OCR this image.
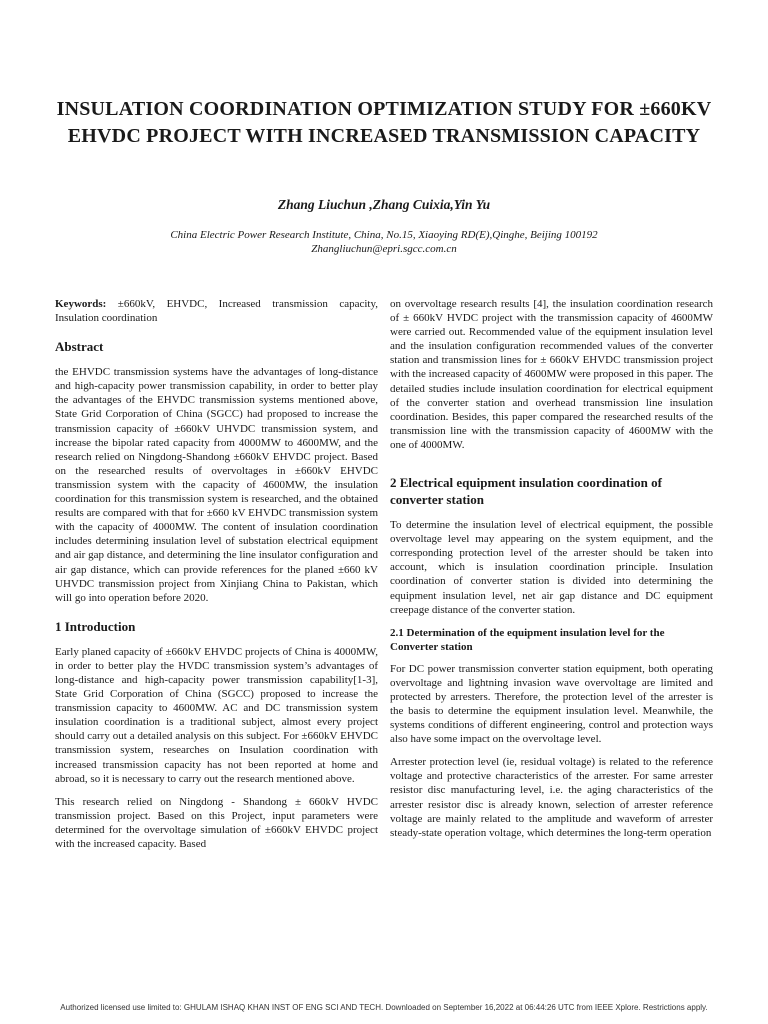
INSULATION COORDINATION OPTIMIZATION STUDY FOR ±660KV EHVDC PROJECT WITH INCREASED TRANSMISSION CAPACITY
Zhang Liuchun ,Zhang Cuixia,Yin Yu
China Electric Power Research Institute, China, No.15, Xiaoying RD(E),Qinghe, Beijing 100192
Zhangliuchun@epri.sgcc.com.cn

Keywords: ±660kV, EHVDC, Increased transmission capacity, Insulation coordination

Abstract

the EHVDC transmission systems have the advantages of long-distance and high-capacity power transmission capability, in order to better play the advantages of the EHVDC transmission systems mentioned above, State Grid Corporation of China (SGCC) had proposed to increase the transmission capacity of ±660kV UHVDC transmission system, and increase the bipolar rated capacity from 4000MW to 4600MW, and the research relied on Ningdong-Shandong ±660kV EHVDC project. Based on the researched results of overvoltages in ±660kV EHVDC transmission system with the capacity of 4600MW, the insulation coordination for this transmission system is researched, and the obtained results are compared with that for ±660 kV EHVDC transmission system with the capacity of 4000MW. The content of insulation coordination includes determining insulation level of substation electrical equipment and air gap distance, and determining the line insulator configuration and air gap distance, which can provide references for the planed ±660 kV UHVDC transmission project from Xinjiang China to Pakistan, which will go into operation before 2020.

1 Introduction

Early planed capacity of ±660kV EHVDC projects of China is 4000MW, in order to better play the HVDC transmission system’s advantages of long-distance and high-capacity power transmission capability[1-3], State Grid Corporation of China (SGCC) proposed to increase the transmission capacity to 4600MW. AC and DC transmission system insulation coordination is a traditional subject, almost every project should carry out a detailed analysis on this subject. For ±660kV EHVDC transmission system, researches on Insulation coordination with increased transmission capacity has not been reported at home and abroad, so it is necessary to carry out the research mentioned above.

This research relied on Ningdong - Shandong ± 660kV HVDC transmission project. Based on this Project, input parameters were determined for the overvoltage simulation of ±660kV EHVDC project with the increased capacity. Based

on overvoltage research results [4], the insulation coordination research of ± 660kV HVDC project with the transmission capacity of 4600MW were carried out. Recommended value of the equipment insulation level and the insulation configuration recommended values of the converter station and transmission lines for ± 660kV EHVDC transmission project with the increased capacity of 4600MW were proposed in this paper. The detailed studies include insulation coordination for electrical equipment of the converter station and overhead transmission line insulation coordination. Besides, this paper compared the researched results of the transmission line with the transmission capacity of 4600MW with the one of 4000MW.

2 Electrical equipment insulation coordination of converter station

To determine the insulation level of electrical equipment, the possible overvoltage level may appearing on the system equipment, and the corresponding protection level of the arrester should be taken into account, which is insulation coordination principle. Insulation coordination of converter station is divided into determining the equipment insulation level, net air gap distance and DC equipment creepage distance of the converter station.

2.1 Determination of the equipment insulation level for the Converter station

For DC power transmission converter station equipment, both operating overvoltage and lightning invasion wave overvoltage are limited and protected by arresters. Therefore, the protection level of the arrester is the basis to determine the equipment insulation level. Meanwhile, the systems conditions of different engineering, control and protection ways also have some impact on the overvoltage level.

Arrester protection level (ie, residual voltage) is related to the reference voltage and protective characteristics of the arrester. For same arrester resistor disc manufacturing level, i.e. the aging characteristics of the arrester resistor disc is already known, selection of arrester reference voltage are mainly related to the amplitude and waveform of arrester steady-state operation voltage, which determines the long-term operation

Authorized licensed use limited to: GHULAM ISHAQ KHAN INST OF ENG SCI AND TECH. Downloaded on September 16,2022 at 06:44:26 UTC from IEEE Xplore. Restrictions apply.
